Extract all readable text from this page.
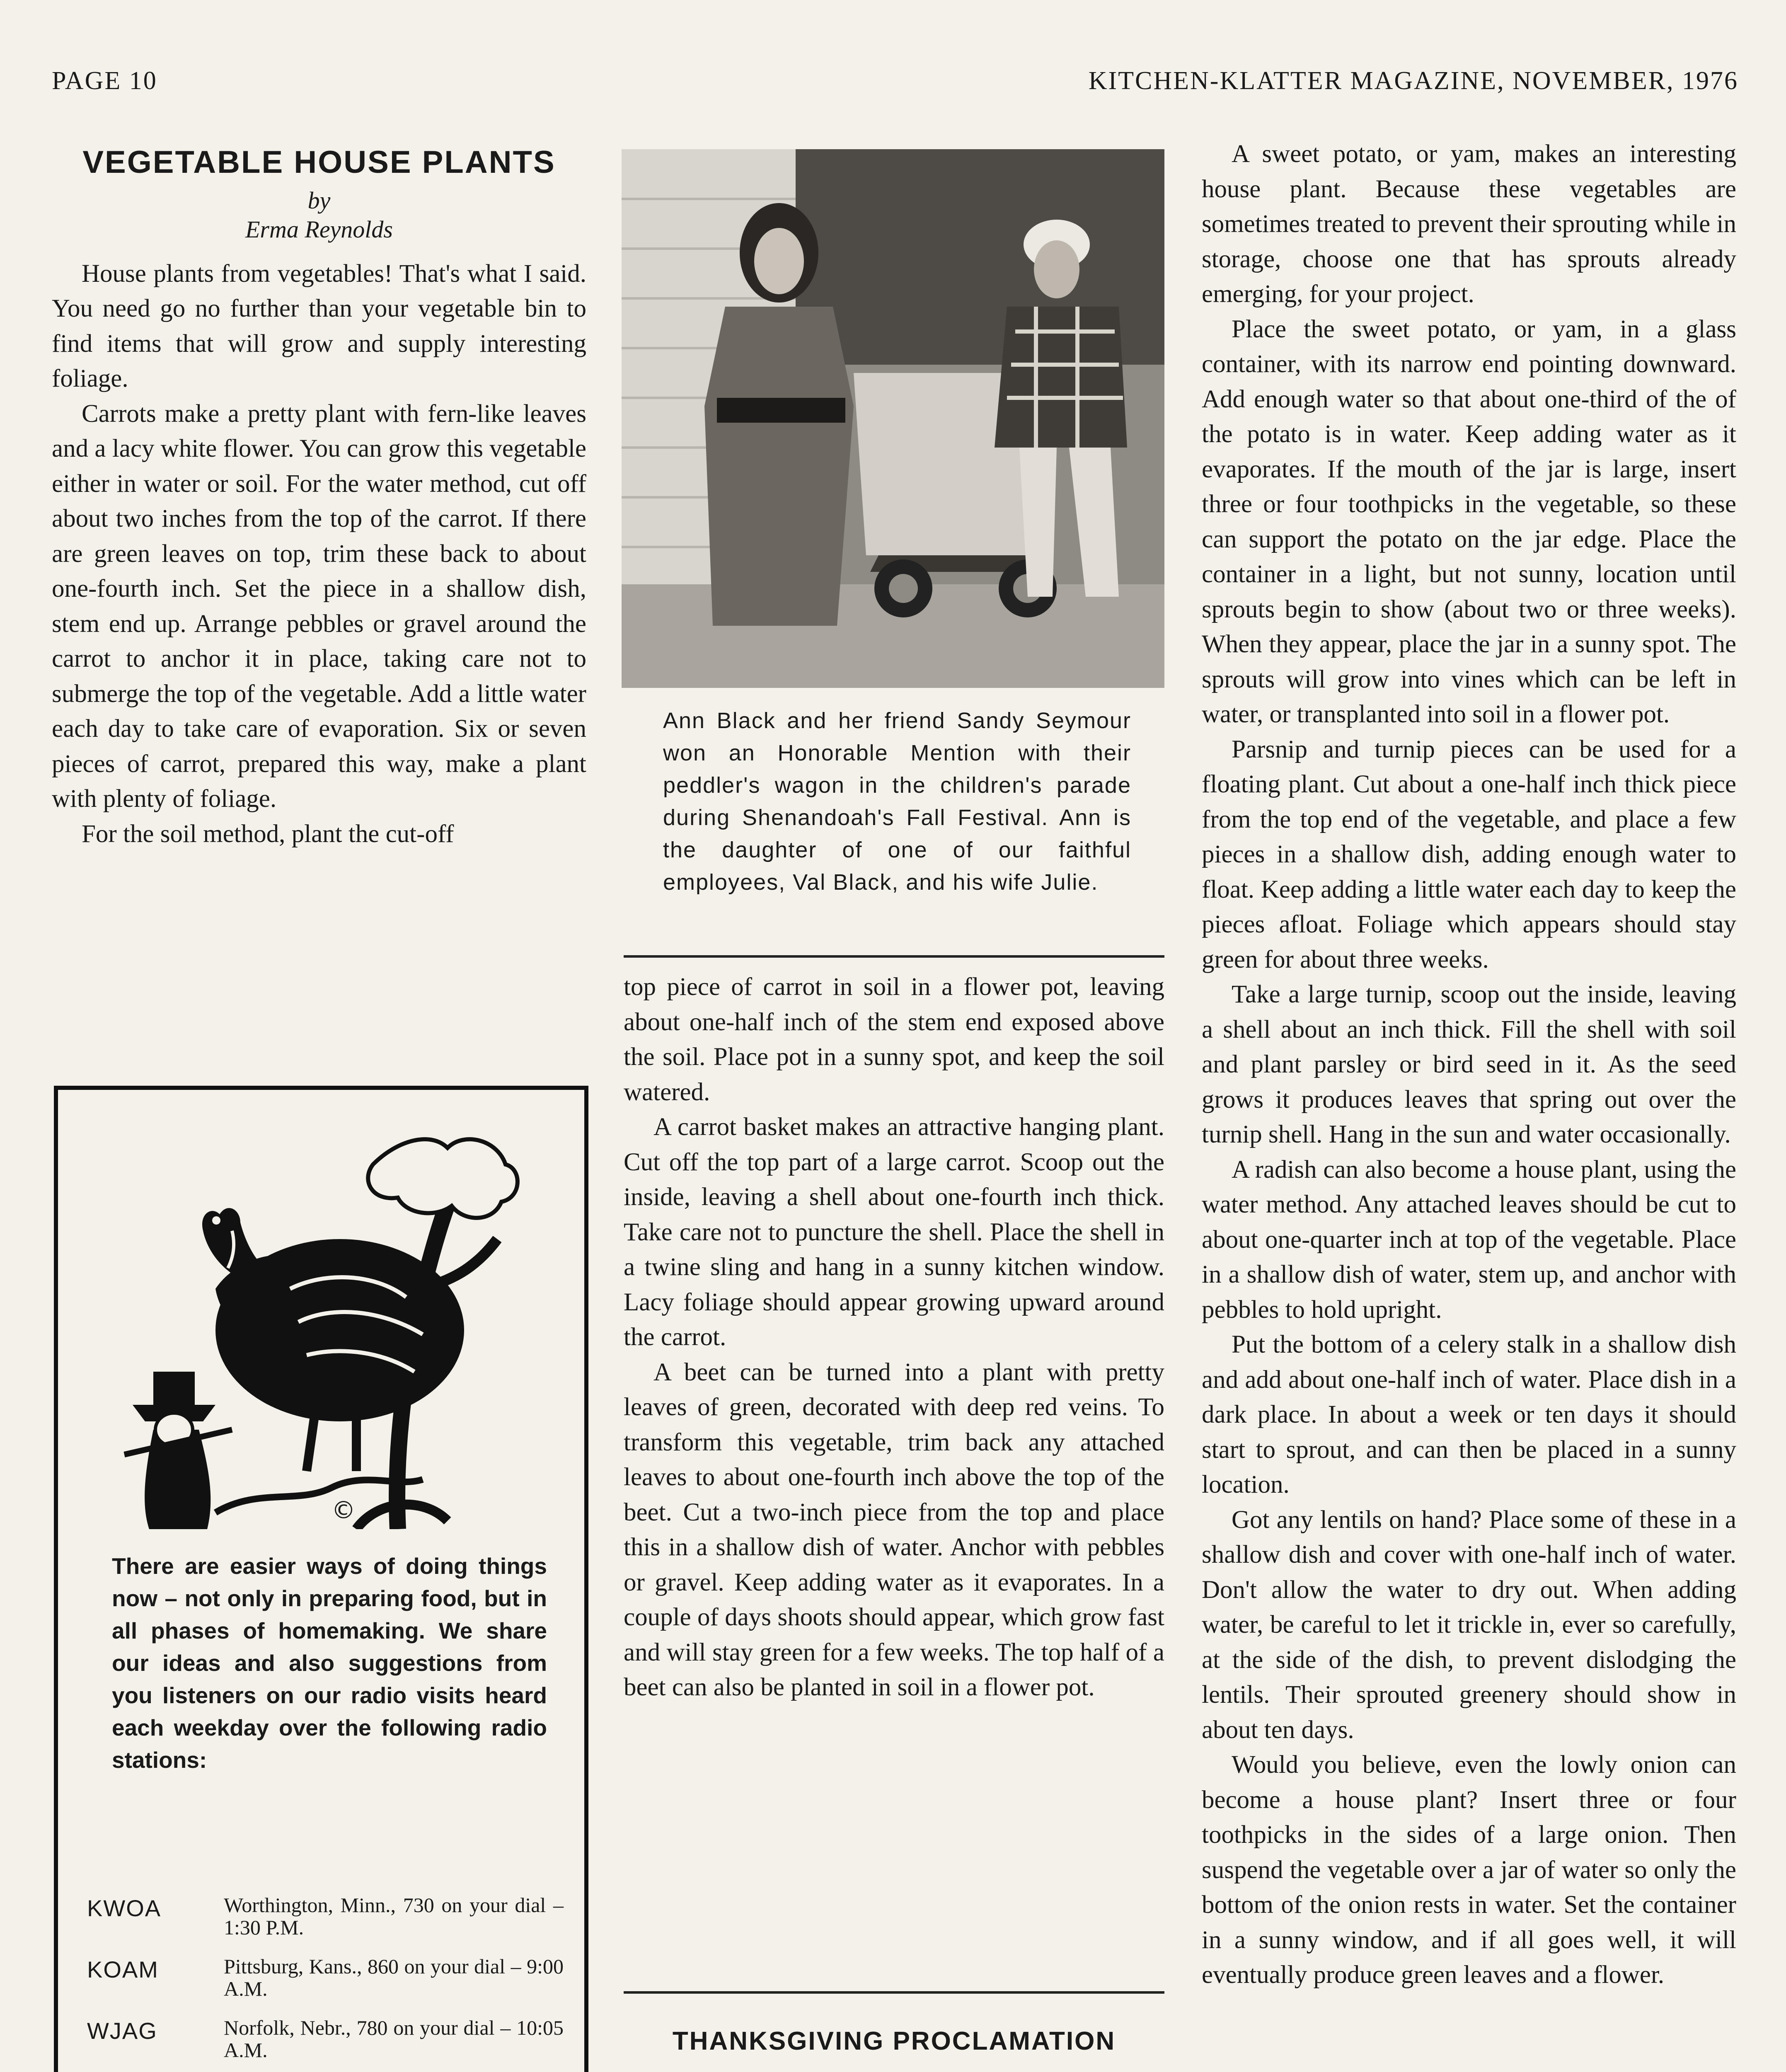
PAGE 10	KITCHEN-KLATTER MAGAZINE, NOVEMBER, 1976
VEGETABLE HOUSE PLANTS
by
Erma Reynolds

House plants from vegetables! That's what I said. You need go no further than your vegetable bin to find items that will grow and supply interesting foliage.

Carrots make a pretty plant with fern-like leaves and a lacy white flower. You can grow this vegetable either in water or soil. For the water method, cut off about two inches from the top of the carrot. If there are green leaves on top, trim these back to about one-fourth inch. Set the piece in a shallow dish, stem end up. Arrange pebbles or gravel around the carrot to anchor it in place, taking care not to submerge the top of the vegetable. Add a little water each day to take care of evaporation. Six or seven pieces of carrot, prepared this way, make a plant with plenty of foliage.

For the soil method, plant the cut-off

©
There are easier ways of doing things now – not only in preparing food, but in all phases of homemaking. We share our ideas and also suggestions from you listeners on our radio visits heard each weekday over the following radio stations:
KWOA	Worthington, Minn., 730 on your dial – 1:30 P.M.
KOAM	Pittsburg, Kans., 860 on your dial – 9:00 A.M.
WJAG	Norfolk, Nebr., 780 on your dial – 10:05 A.M.
Ann Black and her friend Sandy Seymour won an Honorable Mention with their peddler's wagon in the children's parade during Shenandoah's Fall Festival. Ann is the daughter of one of our faithful employees, Val Black, and his wife Julie.

top piece of carrot in soil in a flower pot, leaving about one-half inch of the stem end exposed above the soil. Place pot in a sunny spot, and keep the soil watered.

A carrot basket makes an attractive hanging plant. Cut off the top part of a large carrot. Scoop out the inside, leaving a shell about one-fourth inch thick. Take care not to puncture the shell. Place the shell in a twine sling and hang in a sunny kitchen window. Lacy foliage should appear growing upward around the carrot.

A beet can be turned into a plant with pretty leaves of green, decorated with deep red veins. To transform this vegetable, trim back any attached leaves to about one-fourth inch above the top of the beet. Cut a two-inch piece from the top and place this in a shallow dish of water. Anchor with pebbles or gravel. Keep adding water as it evaporates. In a couple of days shoots should appear, which grow fast and will stay green for a few weeks. The top half of a beet can also be planted in soil in a flower pot.

THANKSGIVING PROCLAMATION

A sweet potato, or yam, makes an interesting house plant. Because these vegetables are sometimes treated to prevent their sprouting while in storage, choose one that has sprouts already emerging, for your project.

Place the sweet potato, or yam, in a glass container, with its narrow end pointing downward. Add enough water so that about one-third of the of the potato is in water. Keep adding water as it evaporates. If the mouth of the jar is large, insert three or four toothpicks in the vegetable, so these can support the potato on the jar edge. Place the container in a light, but not sunny, location until sprouts begin to show (about two or three weeks). When they appear, place the jar in a sunny spot. The sprouts will grow into vines which can be left in water, or transplanted into soil in a flower pot.

Parsnip and turnip pieces can be used for a floating plant. Cut about a one-half inch thick piece from the top end of the vegetable, and place a few pieces in a shallow dish, adding enough water to float. Keep adding a little water each day to keep the pieces afloat. Foliage which appears should stay green for about three weeks.

Take a large turnip, scoop out the inside, leaving a shell about an inch thick. Fill the shell with soil and plant parsley or bird seed in it. As the seed grows it produces leaves that spring out over the turnip shell. Hang in the sun and water occasionally.

A radish can also become a house plant, using the water method. Any attached leaves should be cut to about one-quarter inch at top of the vegetable. Place in a shallow dish of water, stem up, and anchor with pebbles to hold upright.

Put the bottom of a celery stalk in a shallow dish and add about one-half inch of water. Place dish in a dark place. In about a week or ten days it should start to sprout, and can then be placed in a sunny location.

Got any lentils on hand? Place some of these in a shallow dish and cover with one-half inch of water. Don't allow the water to dry out. When adding water, be careful to let it trickle in, ever so carefully, at the side of the dish, to prevent dislodging the lentils. Their sprouted greenery should show in about ten days.

Would you believe, even the lowly onion can become a house plant? Insert three or four toothpicks in the sides of a large onion. Then suspend the vegetable over a jar of water so only the bottom of the onion rests in water. Set the container in a sunny window, and if all goes well, it will eventually produce green leaves and a flower.
